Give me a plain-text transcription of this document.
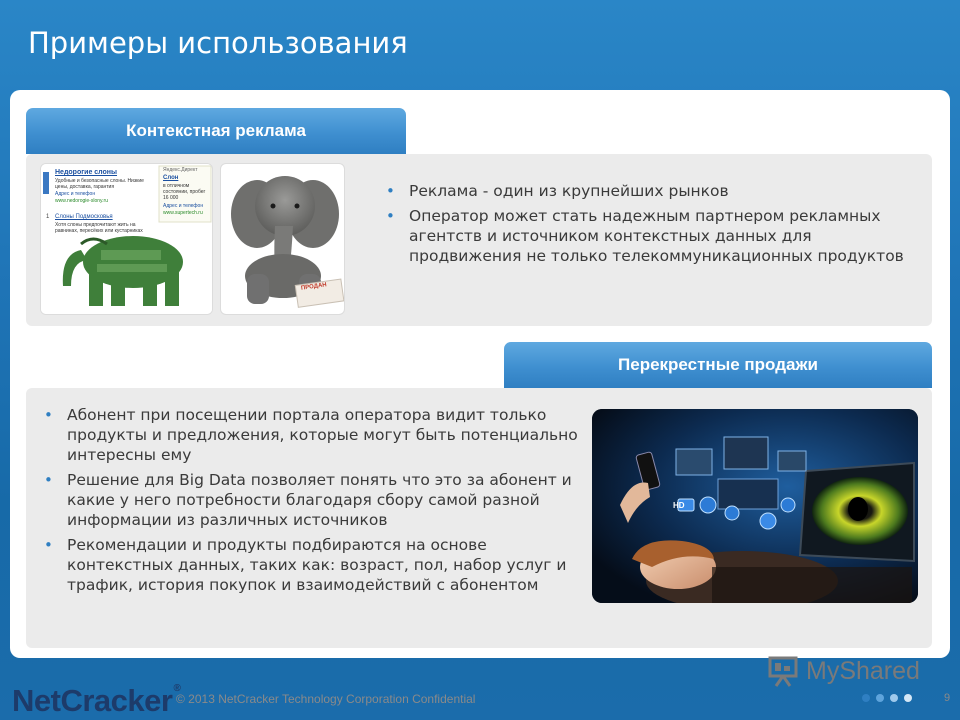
Примеры использования
Контекстная реклама
Недорогие слоны
Удобные и безопасные слоны. Низкие цены, доставка, гарантия
Адрес и телефон
www.nedorogie-slony.ru
1 Слоны Подмосковья
Хотя слоны предпочитают жить на равнинах, пересёких или кустарниках
Яндекс.Директ
Слон
в отличном состоянии, пробег 16 000
Адрес и телефон
www.supertech.ru
ПРОДАН
• Реклама - один из крупнейших рынков
• Оператор может стать надежным партнером рекламных агентств и источником контекстных данных для продвижения не только телекоммуникационных продуктов
Перекрестные продажи
• Абонент при посещении портала оператора видит только продукты и предложения, которые могут быть потенциально интересны ему
• Решение для Big Data позволяет понять что это за абонент и какие у него потребности благодаря сбору самой разной информации из различных источников
• Рекомендации и продукты подбираются на основе контекстных данных, таких как: возраст, пол, набор услуг и трафик, история покупок и взаимодействий с абонентом
HD
NetCracker®
© 2013 NetCracker Technology Corporation Confidential
MyShared
9
